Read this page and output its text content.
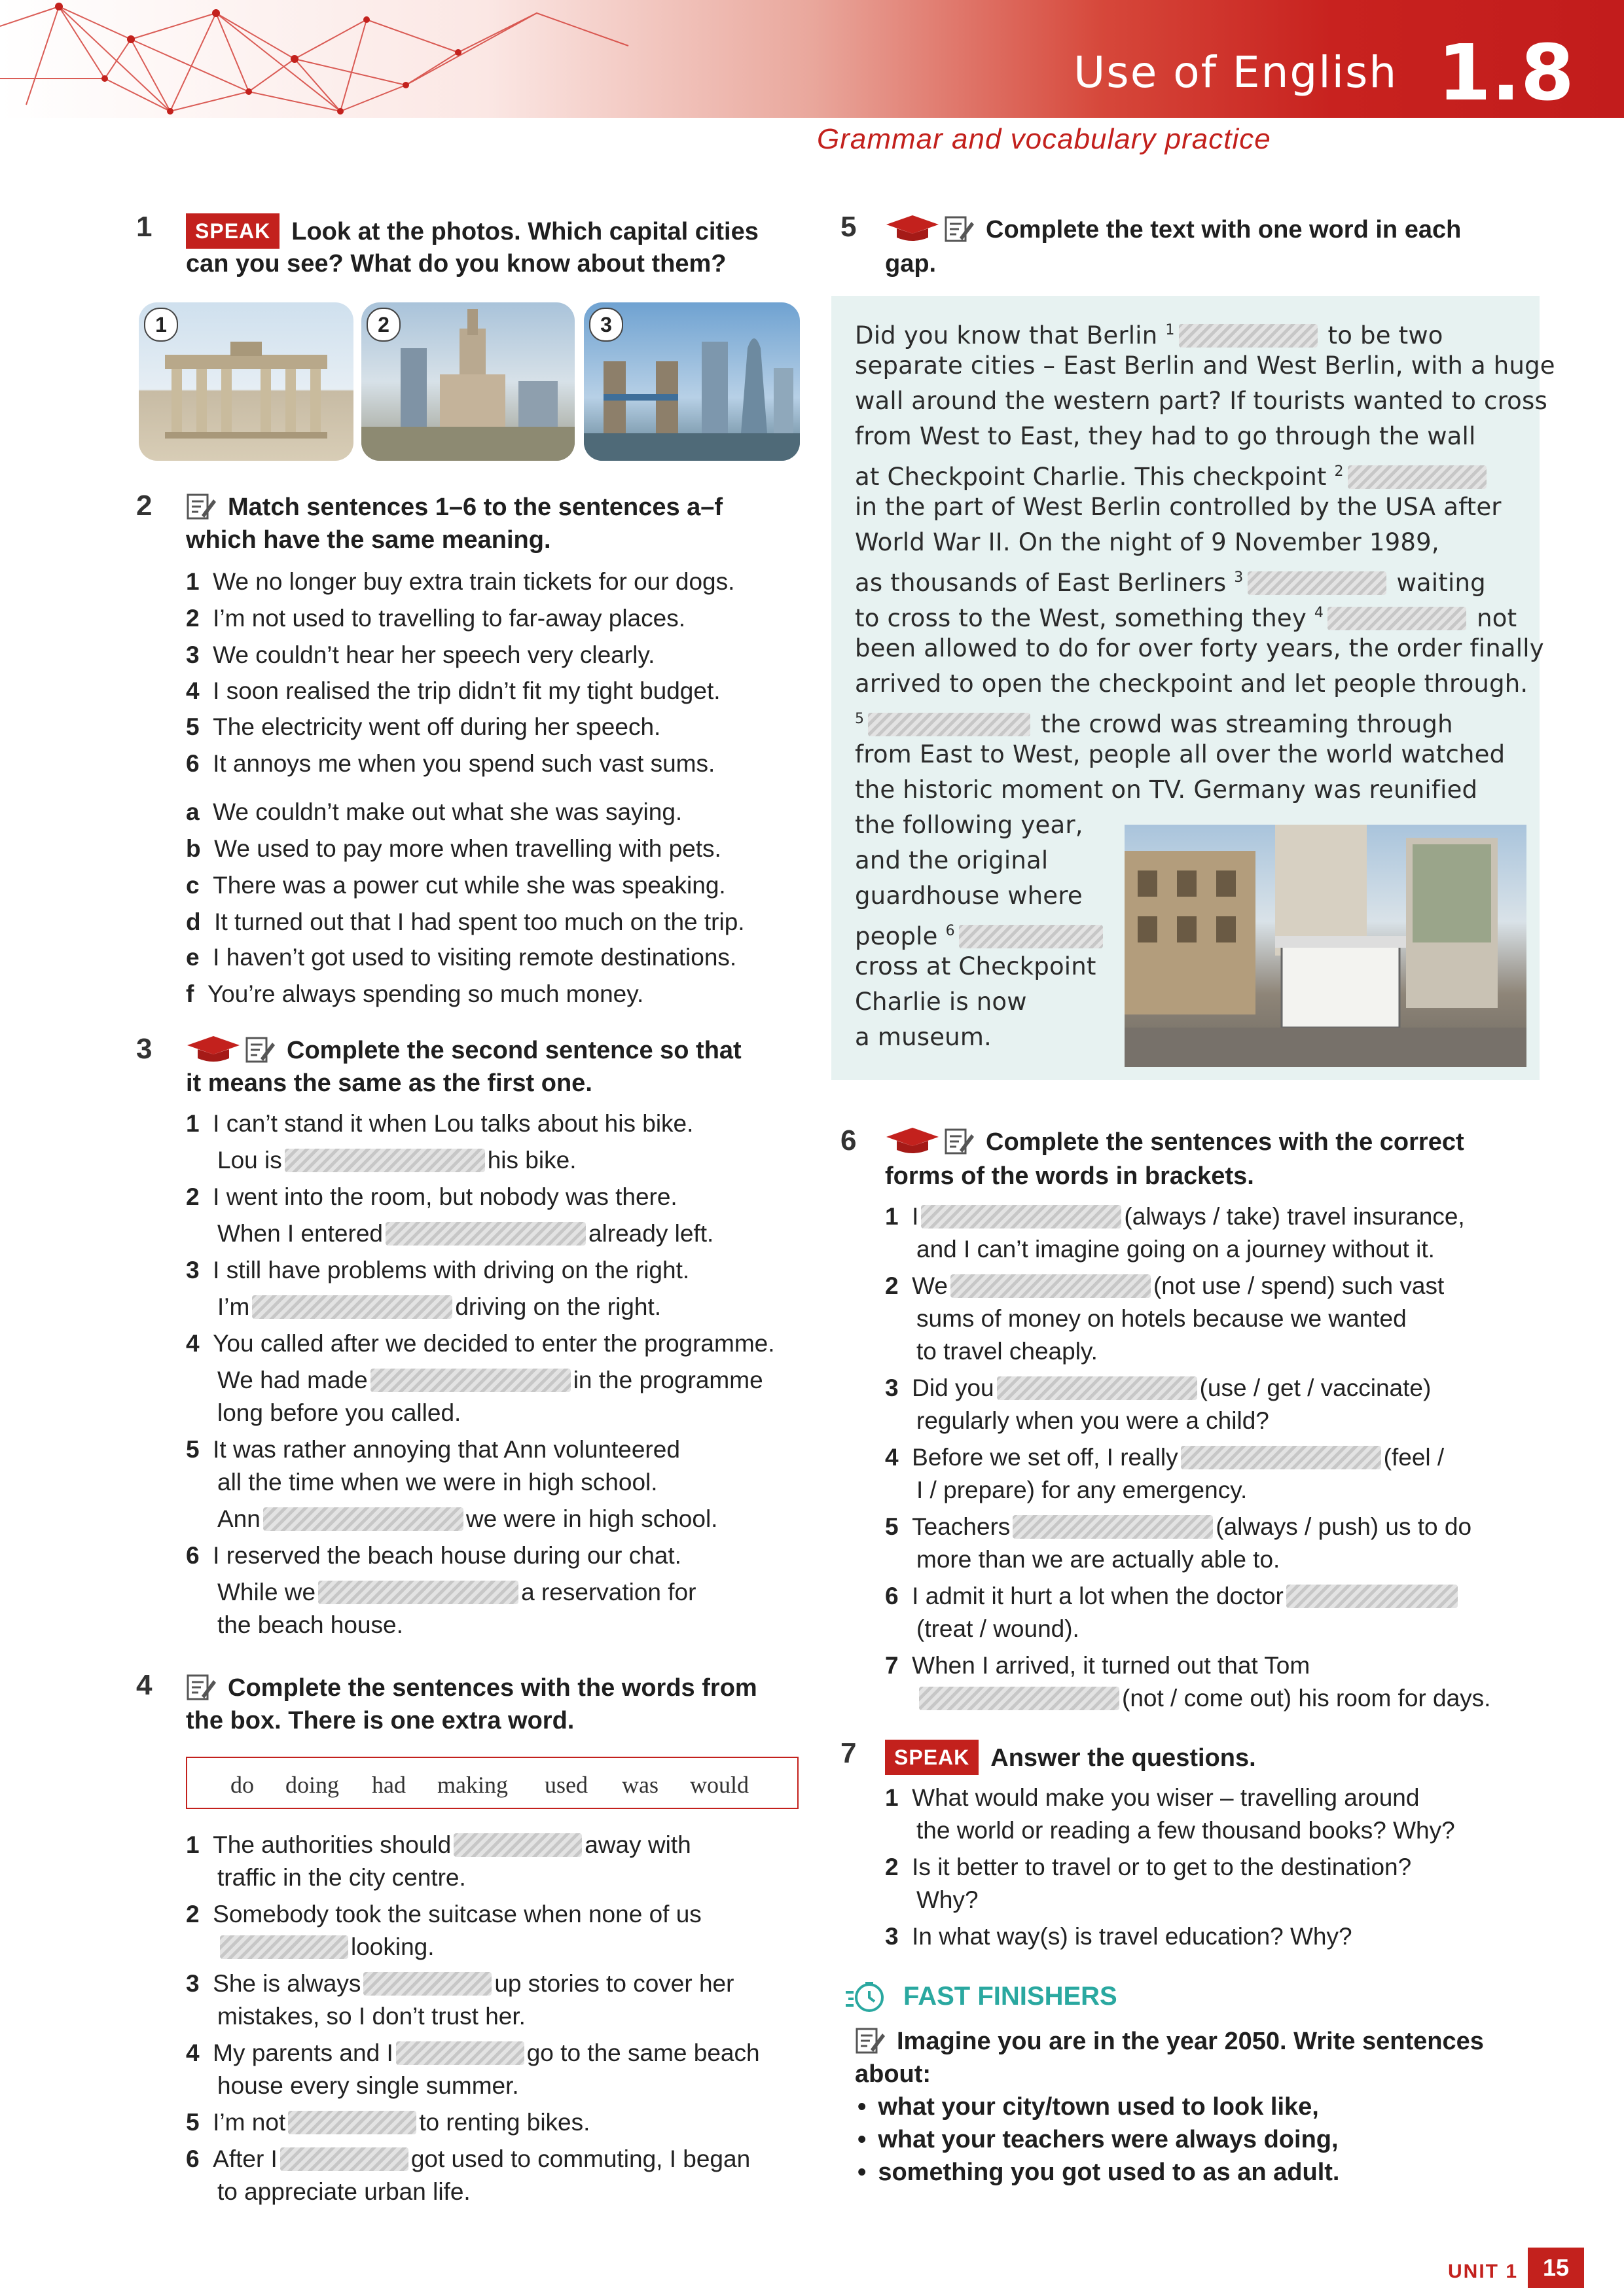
Use of English 1.8
Grammar and vocabulary practice
1	SPEAK Look at the photos. Which capital cities
can you see? What do you know about them?
1	2	3
2	Match sentences 1–6 to the sentences a–f
which have the same meaning.
1 We no longer buy extra train tickets for our dogs.
2 I’m not used to travelling to far-away places.
3 We couldn’t hear her speech very clearly.
4 I soon realised the trip didn’t fit my tight budget.
5 The electricity went off during her speech.
6 It annoys me when you spend such vast sums.
a We couldn’t make out what she was saying.
b We used to pay more when travelling with pets.
c There was a power cut while she was speaking.
d It turned out that I had spent too much on the trip.
e I haven’t got used to visiting remote destinations.
f You’re always spending so much money.
3	Complete the second sentence so that
it means the same as the first one.
1 I can’t stand it when Lou talks about his bike.
Lou is	his bike.
2 I went into the room, but nobody was there.
When I entered	already left.
3 I still have problems with driving on the right.
I’m	driving on the right.
4 You called after we decided to enter the programme.
We had made	in the programme
long before you called.
5 It was rather annoying that Ann volunteered
all the time when we were in high school.
Ann	we were in high school.
6 I reserved the beach house during our chat.
While we	a reservation for
the beach house.
4	Complete the sentences with the words from
the box. There is one extra word.
do doing had making used was would
1 The authorities should	away with
traffic in the city centre.
2 Somebody took the suitcase when none of us
looking.
3 She is always	up stories to cover her
mistakes, so I don’t trust her.
4 My parents and I	go to the same beach
house every single summer.
5 I’m not	to renting bikes.
6 After I	got used to commuting, I began
to appreciate urban life.
5	Complete the text with one word in each
gap.
Did you know that Berlin $^1$	to be two
separate cities – East Berlin and West Berlin, with a huge
wall around the western part? If tourists wanted to cross
from West to East, they had to go through the wall
at Checkpoint Charlie. This checkpoint $^2$
in the part of West Berlin controlled by the USA after
World War II. On the night of 9 November 1989,
as thousands of East Berliners $^3$	waiting
to cross to the West, something they $^4$	not
been allowed to do for over forty years, the order finally
arrived to open the checkpoint and let people through.
$^5$	the crowd was streaming through
from East to West, people all over the world watched
the historic moment on TV. Germany was reunified
the following year,
and the original
guardhouse where
people $^6$
cross at Checkpoint
Charlie is now
a museum.
6	Complete the sentences with the correct
forms of the words in brackets.
1 I	(always / take) travel insurance,
and I can’t imagine going on a journey without it.
2 We	(not use / spend) such vast
sums of money on hotels because we wanted
to travel cheaply.
3 Did you	(use / get / vaccinate)
regularly when you were a child?
4 Before we set off, I really	(feel /
I / prepare) for any emergency.
5 Teachers	(always / push) us to do
more than we are actually able to.
6 I admit it hurt a lot when the doctor
(treat / wound).
7 When I arrived, it turned out that Tom
(not / come out) his room for days.
7	SPEAK Answer the questions.
1 What would make you wiser – travelling around
the world or reading a few thousand books? Why?
2 Is it better to travel or to get to the destination?
Why?
3 In what way(s) is travel education? Why?
FAST FINISHERS
Imagine you are in the year 2050. Write sentences
about:
• what your city/town used to look like,
• what your teachers were always doing,
• something you got used to as an adult.
UNIT 1	15
